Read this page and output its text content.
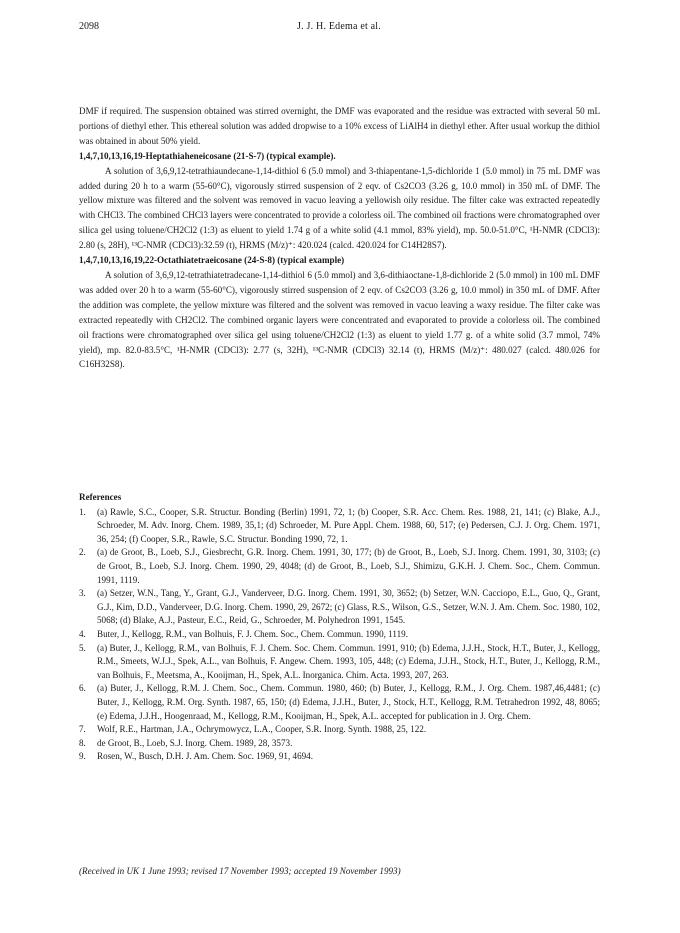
2098	J. J. H. Edema et al.

DMF if required. The suspension obtained was stirred overnight, the DMF was evaporated and the residue was extracted with several 50 mL portions of diethyl ether. This ethereal solution was added dropwise to a 10% excess of LiAlH4 in diethyl ether. After usual workup the dithiol was obtained in about 50% yield.

1,4,7,10,13,16,19-Heptathiaheneicosane (21-S-7) (typical example).

A solution of 3,6,9,12-tetrathiaundecane-1,14-dithiol 6 (5.0 mmol) and 3-thiapentane-1,5-dichloride 1 (5.0 mmol) in 75 mL DMF was added during 20 h to a warm (55-60°C), vigorously stirred suspension of 2 eqv. of Cs2CO3 (3.26 g, 10.0 mmol) in 350 mL of DMF. The yellow mixture was filtered and the solvent was removed in vacuo leaving a yellowish oily residue. The filter cake was extracted repeatedly with CHCl3. The combined CHCl3 layers were concentrated to provide a colorless oil. The combined oil fractions were chromatographed over silica gel using toluene/CH2Cl2 (1:3) as eluent to yield 1.74 g of a white solid (4.1 mmol, 83% yield), mp. 50.0-51.0°C, ¹H-NMR (CDCl3): 2.80 (s, 28H), ¹³C-NMR (CDCl3):32.59 (t), HRMS (M/z)⁺: 420.024 (calcd. 420.024 for C14H28S7).

1,4,7,10,13,16,19,22-Octathiatetraeicosane (24-S-8) (typical example)

A solution of 3,6,9,12-tetrathiatetradecane-1,14-dithiol 6 (5.0 mmol) and 3,6-dithiaoctane-1,8-dichloride 2 (5.0 mmol) in 100 mL DMF was added over 20 h to a warm (55-60°C), vigorously stirred suspension of 2 eqv. of Cs2CO3 (3.26 g, 10.0 mmol) in 350 mL of DMF. After the addition was complete, the yellow mixture was filtered and the solvent was removed in vacuo leaving a waxy residue. The filter cake was extracted repeatedly with CH2Cl2. The combined organic layers were concentrated and evaporated to provide a colorless oil. The combined oil fractions were chromatographed over silica gel using toluene/CH2Cl2 (1:3) as eluent to yield 1.77 g. of a white solid (3.7 mmol, 74% yield), mp. 82.0-83.5°C, ¹H-NMR (CDCl3): 2.77 (s, 32H), ¹³C-NMR (CDCl3) 32.14 (t), HRMS (M/z)⁺: 480.027 (calcd. 480.026 for C16H32S8).

References
1.	(a) Rawle, S.C., Cooper, S.R. Structur. Bonding (Berlin) 1991, 72, 1; (b) Cooper, S.R. Acc. Chem. Res. 1988, 21, 141; (c) Blake, A.J., Schroeder, M. Adv. Inorg. Chem. 1989, 35,1; (d) Schroeder, M. Pure Appl. Chem. 1988, 60, 517; (e) Pedersen, C.J. J. Org. Chem. 1971, 36, 254; (f) Cooper, S.R., Rawle, S.C. Structur. Bonding 1990, 72, 1.
2.	(a) de Groot, B., Loeb, S.J., Giesbrecht, G.R. Inorg. Chem. 1991, 30, 177; (b) de Groot, B., Loeb, S.J. Inorg. Chem. 1991, 30, 3103; (c) de Groot, B., Loeb, S.J. Inorg. Chem. 1990, 29, 4048; (d) de Groot, B., Loeb, S.J., Shimizu, G.K.H. J. Chem. Soc., Chem. Commun. 1991, 1119.
3.	(a) Setzer, W.N., Tang, Y., Grant, G.J., Vanderveer, D.G. Inorg. Chem. 1991, 30, 3652; (b) Setzer, W.N. Cacciopo, E.L., Guo, Q., Grant, G.J., Kim, D.D., Vanderveer, D.G. Inorg. Chem. 1990, 29, 2672; (c) Glass, R.S., Wilson, G.S., Setzer, W.N. J. Am. Chem. Soc. 1980, 102, 5068; (d) Blake, A.J., Pasteur, E.C., Reid, G., Schroeder, M. Polyhedron 1991, 1545.
4.	Buter, J., Kellogg, R.M., van Bolhuis, F. J. Chem. Soc., Chem. Commun. 1990, 1119.
5.	(a) Buter, J., Kellogg, R.M., van Bolhuis, F. J. Chem. Soc. Chem. Commun. 1991, 910; (b) Edema, J.J.H., Stock, H.T., Buter, J., Kellogg, R.M., Smeets, W.J.J., Spek, A.L., van Bolhuis, F. Angew. Chem. 1993, 105, 448; (c) Edema, J.J.H., Stock, H.T., Buter, J., Kellogg, R.M., van Bolhuis, F., Meetsma, A., Kooijman, H., Spek, A.L. Inorganica. Chim. Acta. 1993, 207, 263.
6.	(a) Buter, J., Kellogg, R.M. J. Chem. Soc., Chem. Commun. 1980, 460; (b) Buter, J., Kellogg, R.M., J. Org. Chem. 1987,46,4481; (c) Buter, J., Kellogg, R.M. Org. Synth. 1987, 65, 150; (d) Edema, J.J.H., Buter, J., Stock, H.T., Kellogg, R.M. Tetrahedron 1992, 48, 8065; (e) Edema, J.J.H., Hoogenraad, M., Kellogg, R.M., Kooijman, H., Spek, A.L. accepted for publication in J. Org. Chem.
7.	Wolf, R.E., Hartman, J.A., Ochrymowycz, L.A., Cooper, S.R. Inorg. Synth. 1988, 25, 122.
8.	de Groot, B., Loeb, S.J. Inorg. Chem. 1989, 28, 3573.
9.	Rosen, W., Busch, D.H. J. Am. Chem. Soc. 1969, 91, 4694.
(Received in UK 1 June 1993; revised 17 November 1993; accepted 19 November 1993)
